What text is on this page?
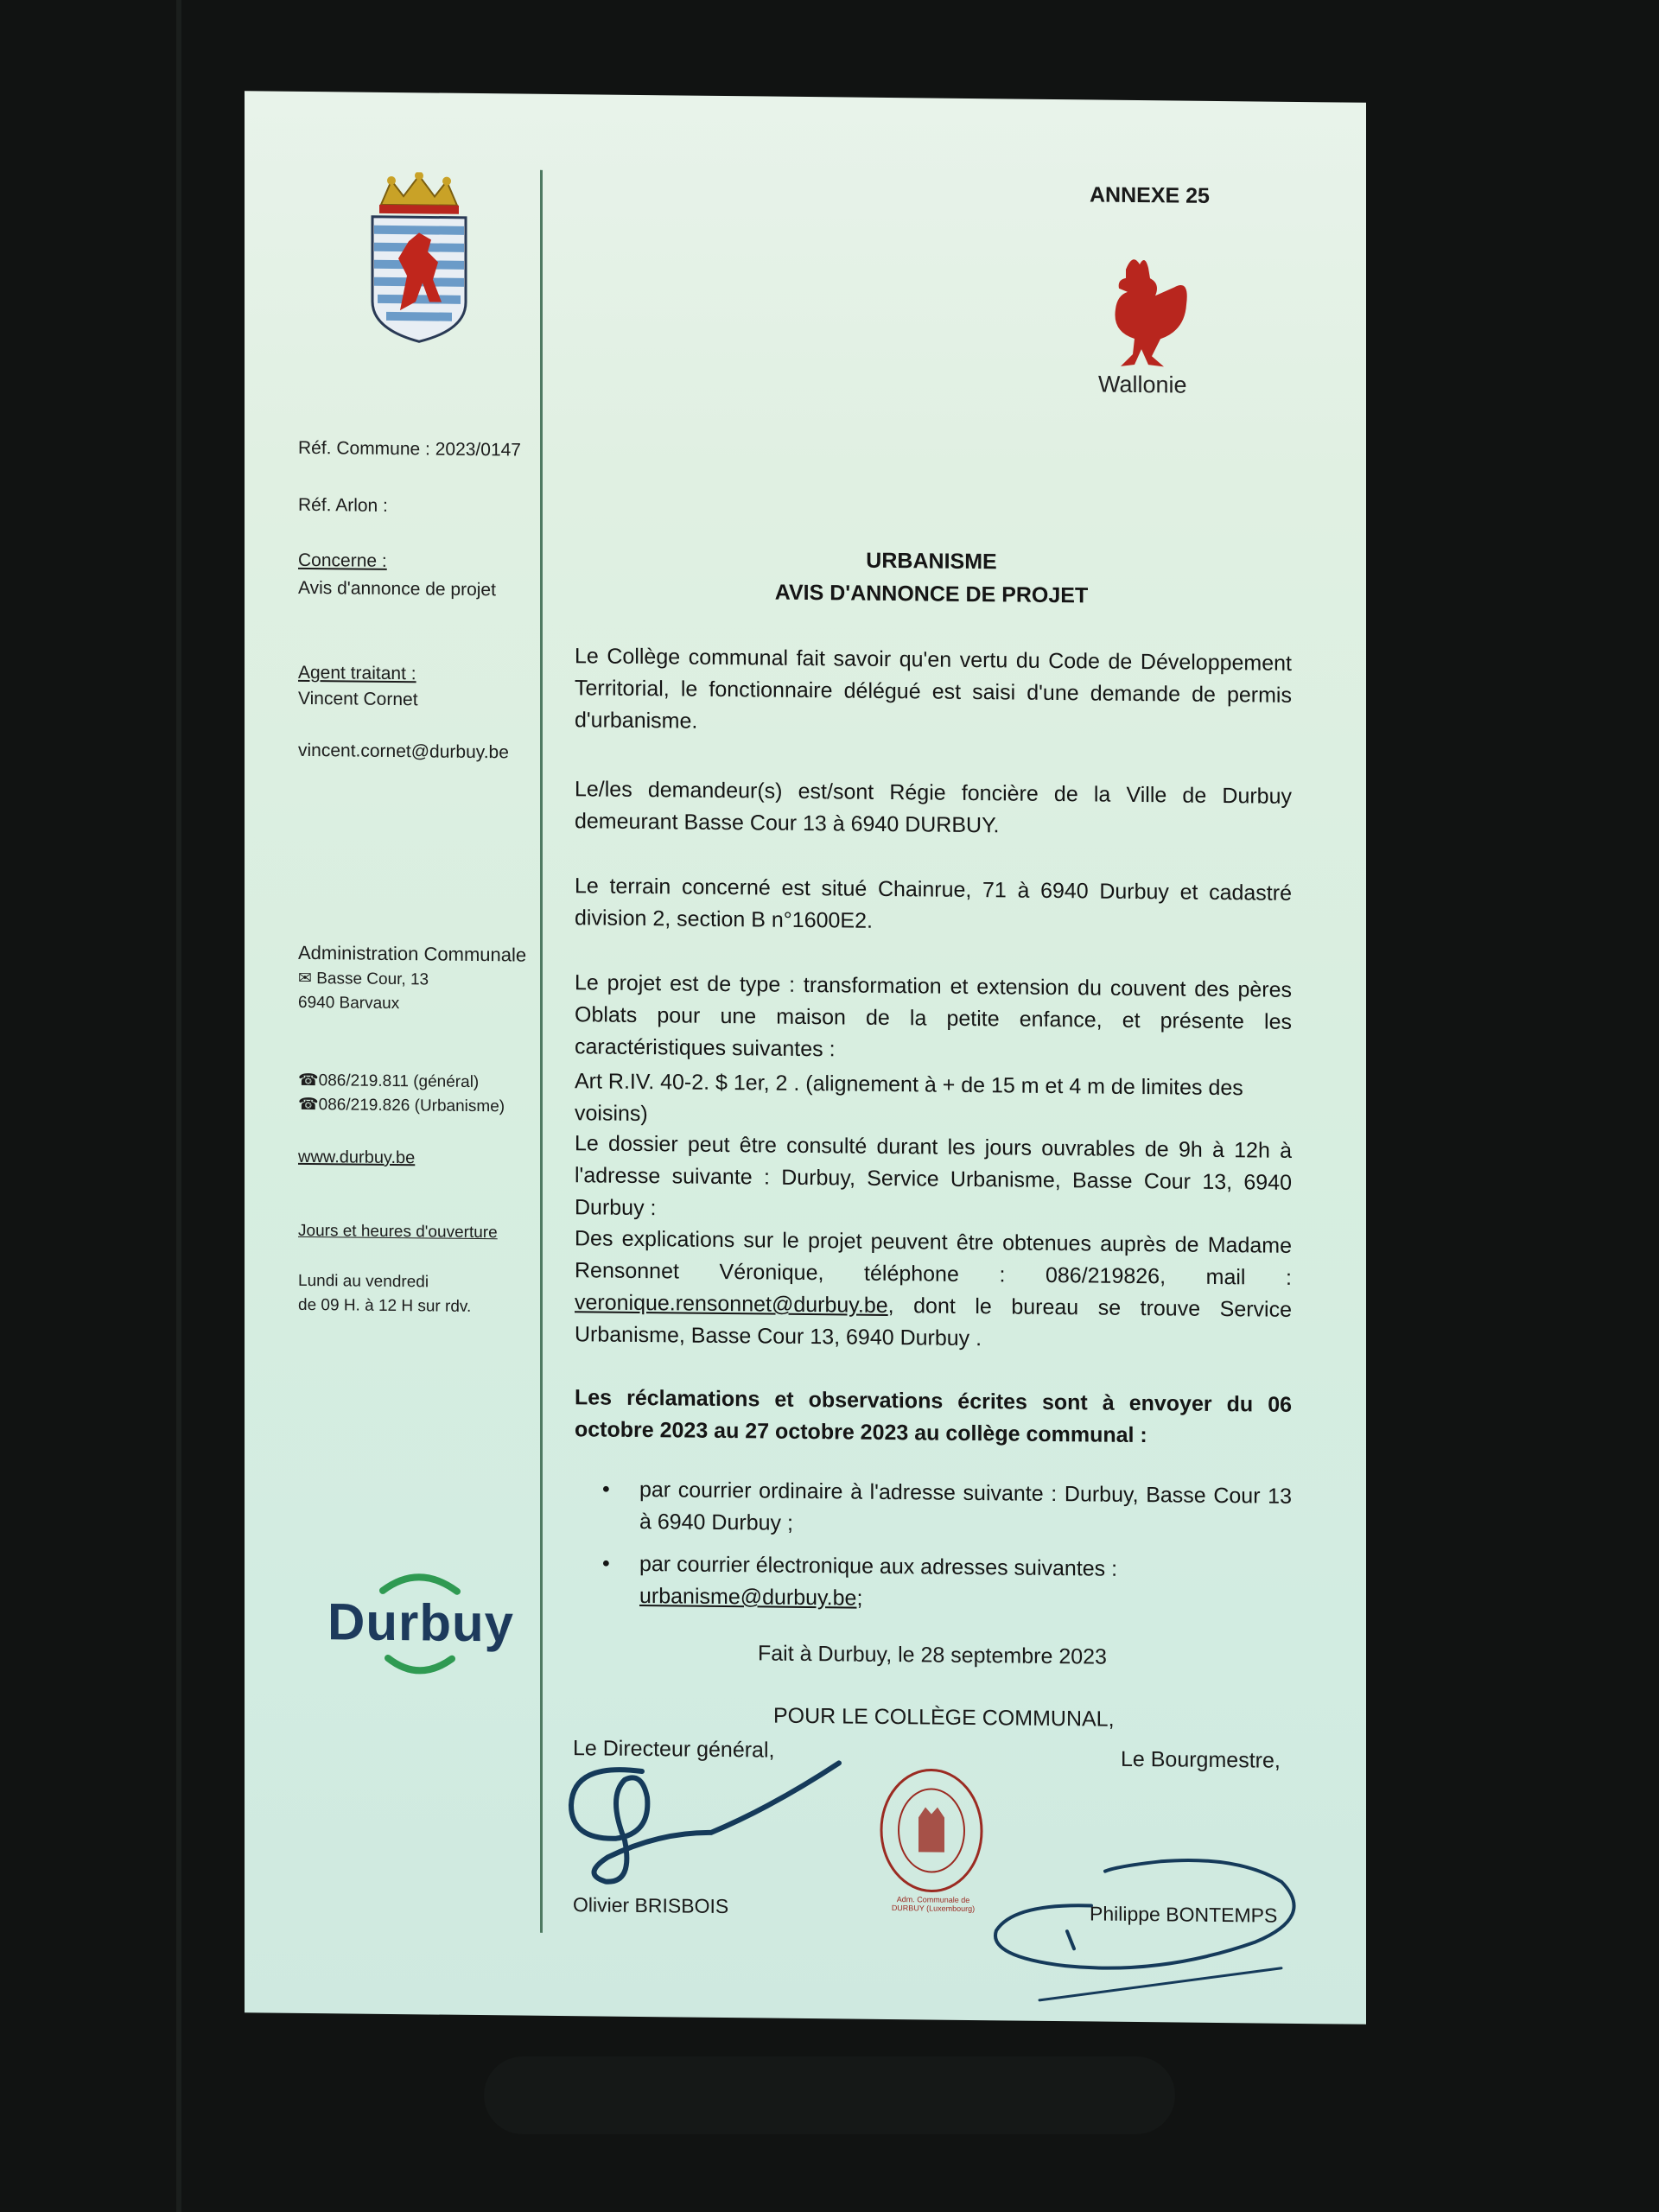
ANNEXE 25
Wallonie
Réf. Commune : 2023/0147
Réf. Arlon :
Concerne :
Avis d'annonce de projet
Agent traitant :
Vincent Cornet
vincent.cornet@durbuy.be
Administration Communale
✉ Basse Cour, 13
6940 Barvaux
☎086/219.811 (général)
☎086/219.826 (Urbanisme)
www.durbuy.be
Jours et heures d'ouverture
Lundi au vendredi
de 09 H. à 12 H sur rdv.
Durbuy
URBANISME
AVIS D'ANNONCE DE PROJET
Le Collège communal fait savoir qu'en vertu du Code de Développement Territorial, le fonctionnaire délégué est saisi d'une demande de permis d'urbanisme.
Le/les demandeur(s) est/sont Régie foncière de la Ville de Durbuy demeurant Basse Cour 13 à 6940 DURBUY.
Le terrain concerné est situé Chainrue, 71 à 6940 Durbuy et cadastré division 2, section B n°1600E2.
Le projet est de type : transformation et extension du couvent des pères Oblats pour une maison de la petite enfance, et présente les caractéristiques suivantes :
Art R.IV. 40-2. $ 1er, 2 . (alignement à + de 15 m et 4 m de limites des voisins)
Le dossier peut être consulté durant les jours ouvrables de 9h à 12h à l'adresse suivante : Durbuy, Service Urbanisme, Basse Cour 13, 6940 Durbuy :
Des explications sur le projet peuvent être obtenues auprès de Madame Rensonnet Véronique, téléphone : 086/219826, mail : veronique.rensonnet@durbuy.be, dont le bureau se trouve Service Urbanisme, Basse Cour 13, 6940 Durbuy .
Les réclamations et observations écrites sont à envoyer du 06 octobre 2023 au 27 octobre 2023 au collège communal :
• par courrier ordinaire à l'adresse suivante : Durbuy, Basse Cour 13 à 6940 Durbuy ;
• par courrier électronique aux adresses suivantes :
urbanisme@durbuy.be;
Fait à Durbuy, le 28 septembre 2023
POUR LE COLLÈGE COMMUNAL,
Le Directeur général,	Le Bourgmestre,
Adm. Communale de DURBUY (Luxembourg)
Olivier BRISBOIS	Philippe BONTEMPS
